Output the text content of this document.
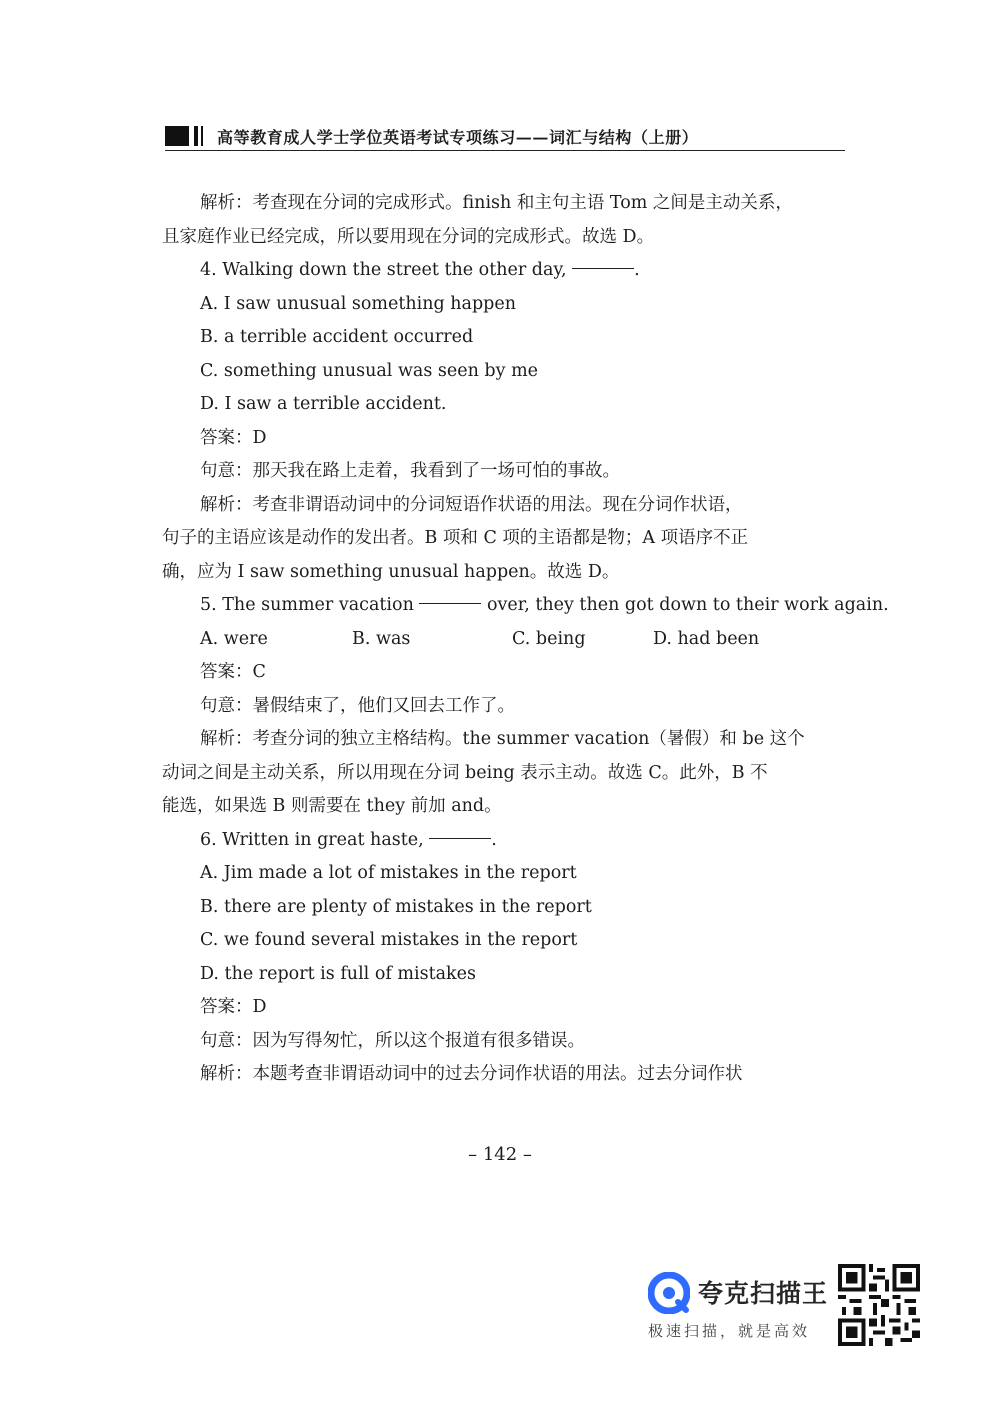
高等教育成人学士学位英语考试专项练习——词汇与结构（上册）
解析：考查现在分词的完成形式。finish 和主句主语 Tom 之间是主动关系，
且家庭作业已经完成，所以要用现在分词的完成形式。故选 D。
4. Walking down the street the other day,	.
A. I saw unusual something happen
B. a terrible accident occurred
C. something unusual was seen by me
D. I saw a terrible accident.
答案：D
句意：那天我在路上走着，我看到了一场可怕的事故。
解析：考查非谓语动词中的分词短语作状语的用法。现在分词作状语，
句子的主语应该是动作的发出者。B 项和 C 项的主语都是物；A 项语序不正
确，应为 I saw something unusual happen。故选 D。
5. The summer vacation	over, they then got down to their work again.
A. were	B. was	C. being	D. had been
答案：C
句意：暑假结束了，他们又回去工作了。
解析：考查分词的独立主格结构。the summer vacation（暑假）和 be 这个
动词之间是主动关系，所以用现在分词 being 表示主动。故选 C。此外，B 不
能选，如果选 B 则需要在 they 前加 and。
6. Written in great haste,	.
A. Jim made a lot of mistakes in the report
B. there are plenty of mistakes in the report
C. we found several mistakes in the report
D. the report is full of mistakes
答案：D
句意：因为写得匆忙，所以这个报道有很多错误。
解析：本题考查非谓语动词中的过去分词作状语的用法。过去分词作状
– 142 –
夸克扫描王
极速扫描，就是高效
